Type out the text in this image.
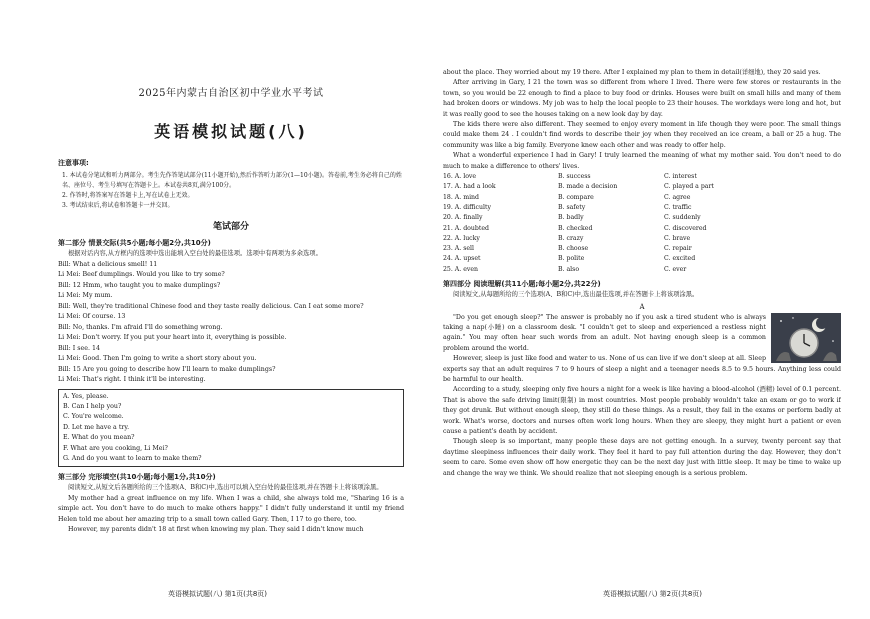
2025年内蒙古自治区初中学业水平考试
英语模拟试题(八)
注意事项:
1. 本试卷分笔试和听力两部分。考生先作答笔试部分(11小题开始),然后作答听力部分(1—10小题)。答卷前,考生务必将自己的姓名、座位号、考生号填写在答题卡上。本试卷共8页,满分100分。
2. 作答时,将答案写在答题卡上,写在试卷上无效。
3. 考试结束后,将试卷和答题卡一并交回。
笔试部分
第二部分 情景交际(共5小题;每小题2分,共10分)
根据对话内容,从方框内的选项中选出能填入空白处的最佳选项。选项中有两项为多余选项。
Bill: What a delicious smell! 11
Li Mei: Beef dumplings. Would you like to try some?
Bill: 12 Hmm, who taught you to make dumplings?
Li Mei: My mum.
Bill: Well, they're traditional Chinese food and they taste really delicious. Can I eat some more?
Li Mei: Of course. 13
Bill: No, thanks. I'm afraid I'll do something wrong.
Li Mei: Don't worry. If you put your heart into it, everything is possible.
Bill: I see. 14
Li Mei: Good. Then I'm going to write a short story about you.
Bill: 15 Are you going to describe how I'll learn to make dumplings?
Li Mei: That's right. I think it'll be interesting.
A. Yes, please.
B. Can I help you?
C. You're welcome.
D. Let me have a try.
E. What do you mean?
F. What are you cooking, Li Mei?
G. And do you want to learn to make them?
第三部分 完形填空(共10小题;每小题1分,共10分)
阅读短文,从短文后各题所给的三个选项(A、B和C)中,选出可以填入空白处的最佳选项,并在答题卡上将该项涂黑。
My mother had a great influence on my life. When I was a child, she always told me, "Sharing 16 is a simple act. You don't have to do much to make others happy." I didn't fully understand it until my friend Helen told me about her amazing trip to a small town called Gary. Then, I 17 to go there, too.
However, my parents didn't 18 at first when knowing my plan. They said I didn't know much
英语模拟试题(八) 第1页(共8页)
about the place. They worried about my 19 there. After I explained my plan to them in detail(详细地), they 20 said yes.
After arriving in Gary, I 21 the town was so different from where I lived. There were few stores or restaurants in the town, so you would be 22 enough to find a place to buy food or drinks. Houses were built on small hills and many of them had broken doors or windows. My job was to help the local people to 23 their houses. The workdays were long and hot, but it was really good to see the houses taking on a new look day by day.
The kids there were also different. They seemed to enjoy every moment in life though they were poor. The small things could make them 24 . I couldn't find words to describe their joy when they received an ice cream, a ball or 25 a hug. The community was like a big family. Everyone knew each other and was ready to offer help.
What a wonderful experience I had in Gary! I truly learned the meaning of what my mother said. You don't need to do much to make a difference to others' lives.
16. A. love	B. success	C. interest
17. A. had a look	B. made a decision	C. played a part
18. A. mind	B. compare	C. agree
19. A. difficulty	B. safety	C. traffic
20. A. finally	B. badly	C. suddenly
21. A. doubted	B. checked	C. discovered
22. A. lucky	B. crazy	C. brave
23. A. sell	B. choose	C. repair
24. A. upset	B. polite	C. excited
25. A. even	B. also	C. ever
第四部分 阅读理解(共11小题;每小题2分,共22分)
阅读短文,从每题所给的三个选项(A、B和C)中,选出最佳选项,并在答题卡上将该项涂黑。
A
"Do you get enough sleep?" The answer is probably no if you ask a tired student who is always taking a nap(小睡) on a classroom desk. "I couldn't get to sleep and experienced a restless night again." You may often hear such words from an adult. Not having enough sleep is a common problem around the world.
However, sleep is just like food and water to us. None of us can live if we don't sleep at all. Sleep experts say that an adult requires 7 to 9 hours of sleep a night and a teenager needs 8.5 to 9.5 hours. Anything less could be harmful to our health.
According to a study, sleeping only five hours a night for a week is like having a blood-alcohol (酒精) level of 0.1 percent. That is above the safe driving limit(限制) in most countries. Most people probably wouldn't take an exam or go to work if they got drunk. But without enough sleep, they still do these things. As a result, they fail in the exams or perform badly at work. What's worse, doctors and nurses often work long hours. When they are sleepy, they might hurt a patient or even cause a patient's death by accident.
Though sleep is so important, many people these days are not getting enough. In a survey, twenty percent say that daytime sleepiness influences their daily work. They feel it hard to pay full attention during the day. However, they don't seem to care. Some even show off how energetic they can be the next day just with little sleep. It may be time to wake up and change the way we think. We should realize that not sleeping enough is a serious problem.
英语模拟试题(八) 第2页(共8页)
